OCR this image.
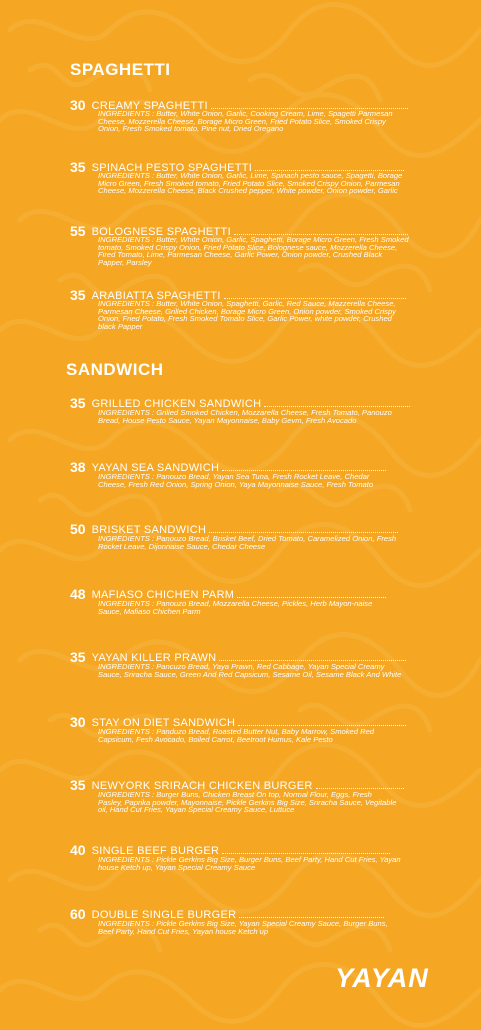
SPAGHETTI
30 CREAMY SPAGHETTI

INGREDIENTS : Butter, White Onion, Garlic, Cooking Cream, Lime, Spagetti Parmesan Cheese, Mozzerella Cheese, Borage Micro Green, Fried Potato Slice, Smoked Crispy Onion, Fresh Smoked tomato, Pine nut, Dried Oregano

35 SPINACH PESTO SPAGHETTI

INGREDIENTS : Butter, White Onion, Garlic, Lime, Spinach pesto sauce, Spagetti, Borage Micro Green, Fresh Smoked tomato, Fried Potato Slice, Smoked Crispy Onion, Parmesan Cheese, Mozzerella Cheese, Black Crushed pepper, White powder, Onion powder, Garlic

55 BOLOGNESE SPAGHETTI

INGREDIENTS : Butter, White Onion, Garlic, Spaghetti, Borage Micro Green, Fresh Smoked tomato, Smoked Crispy Onion, Fried Potato Slice, Bolognese sauce, Mozzerella Cheese, Fired Tomato, Lime, Parmesan Cheese, Garlic Power, Onion powder, Crushed Black Papper, Parsley

35 ARABIATTA SPAGHETTI

INGREDIENTS : Butter, White Onion, Spaghetti, Garlic, Red Sauce, Mazzerella Cheese, Parmesan Cheese, Grilled Chicken, Borage Micro Green, Onion powder, Smoked Crispy Onion, Fried Potato, Fresh Smoked Tomato Slice, Garlic Power, white powder, Crushed black Papper

SANDWICH
35 GRILLED CHICKEN SANDWICH

INGREDIENTS : Grilled Smoked Chicken, Mozzarella Cheese, Fresh Tomato, Panouzo Bread, House Pesto Sauce, Yayan Mayonnaise, Baby Gevm, Fresh Avocado

38 YAYAN SEA SANDWICH

INGREDIENTS : Panouzo Bread, Yayan Sea Tuna, Fresh Rocket Leave, Chedar Cheese, Fresh Red Onion, Spring Onion, Yaya Mayonnaise Sauce, Fresh Tomato

50 BRISKET SANDWICH

INGREDIENTS : Panouzo Bread, Brisket Beef, Dried Tomato, Caramelized Onion, Fresh Rocket Leave, Dijonnaise Sauce, Chedar Cheese

48 MAFIASO CHICHEN PARM

INGREDIENTS : Panouzo Bread, Mozzarella Cheese, Pickles, Herb Mayon-naise Sauce, Mafiaso Chichen Parm

35 YAYAN KILLER PRAWN

INGREDIENTS : Pancuzo Bread, Yaya Prawn, Red Cabbage, Yayan Special Creamy Sauce, Sriracha Sauce, Green And Red Capsicum, Sesame Oil, Sesame Black And White

30 STAY ON DIET SANDWICH

INGREDIENTS : Panduzo Bread, Roasted Butter Nut, Baby Marrow, Smoked Red Capsicum, Fesh Avocado, Boiled Carrot, Beetroot Humus, Kale Pesto

35 NEWYORK SRIRACH CHICKEN BURGER

INGREDIENTS : Burger Buns, Chicken Breast On top, Normal Flour, Eggs, Fresh Pasley, Paprika powder, Mayonnaise, Pickle Gerkins Big Size, Sriracha Sauce, Vegitable oil, Hand Cut Fries, Yayan Special Creamy Sauce, Luttuce

40 SINGLE BEEF BURGER

INGREDIENTS : Pickle Gerkins Big Size, Burger Buns, Beef Party, Hand Cut Fries, Yayan house Ketch up, Yayan Special Creamy Sauce

60 DOUBLE SINGLE BURGER

INGREDIENTS : Pickle Gerkins Big Size, Yayan Special Creamy Sauce, Burger Buns, Beef Party, Hand Cut Fries, Yayan house Ketch up

YAYAN
